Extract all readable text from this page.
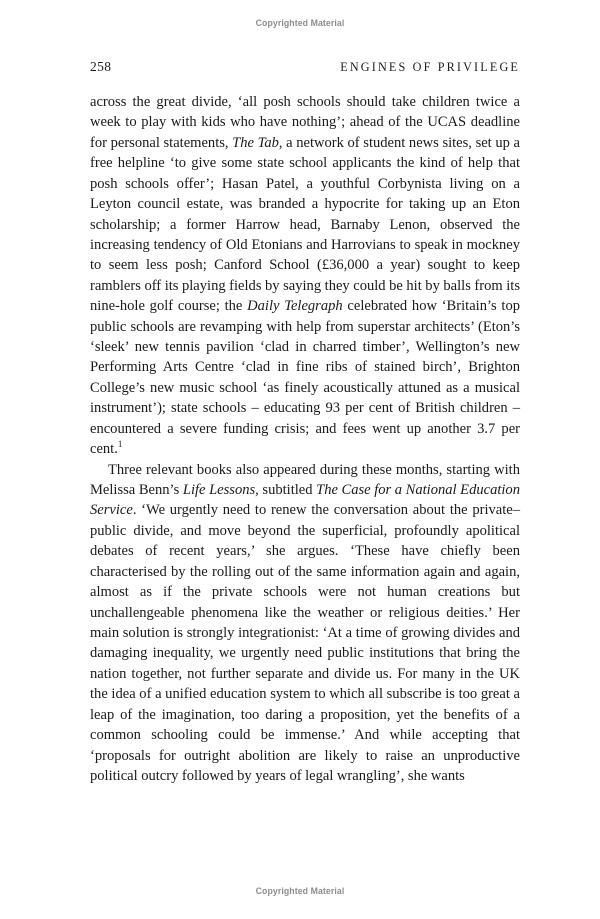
Copyrighted Material
258	ENGINES OF PRIVILEGE

across the great divide, ‘all posh schools should take children twice a week to play with kids who have nothing’; ahead of the UCAS deadline for personal statements, The Tab, a network of student news sites, set up a free helpline ‘to give some state school applicants the kind of help that posh schools offer’; Hasan Patel, a youthful Corbynista living on a Leyton council estate, was branded a hypocrite for taking up an Eton scholarship; a former Harrow head, Barnaby Lenon, observed the increasing tendency of Old Etonians and Harrovians to speak in mockney to seem less posh; Canford School (£36,000 a year) sought to keep ramblers off its playing fields by saying they could be hit by balls from its nine-hole golf course; the Daily Telegraph celebrated how ‘Britain’s top public schools are revamping with help from superstar architects’ (Eton’s ‘sleek’ new tennis pavilion ‘clad in charred timber’, Wellington’s new Performing Arts Centre ‘clad in fine ribs of stained birch’, Brighton College’s new music school ‘as finely acoustically attuned as a musical instrument’); state schools – educating 93 per cent of British children – encountered a severe funding crisis; and fees went up another 3.7 per cent.$^1$

Three relevant books also appeared during these months, starting with Melissa Benn’s Life Lessons, subtitled The Case for a National Education Service. ‘We urgently need to renew the conversation about the private–public divide, and move beyond the superficial, profoundly apolitical debates of recent years,’ she argues. ‘These have chiefly been characterised by the rolling out of the same information again and again, almost as if the private schools were not human creations but unchallengeable phenomena like the weather or religious deities.’ Her main solution is strongly integrationist: ‘At a time of growing divides and damaging inequality, we urgently need public institutions that bring the nation together, not further separate and divide us. For many in the UK the idea of a unified education system to which all subscribe is too great a leap of the imagination, too daring a proposition, yet the benefits of a common schooling could be immense.’ And while accepting that ‘proposals for outright abolition are likely to raise an unproductive political outcry followed by years of legal wrangling’, she wants

Copyrighted Material
